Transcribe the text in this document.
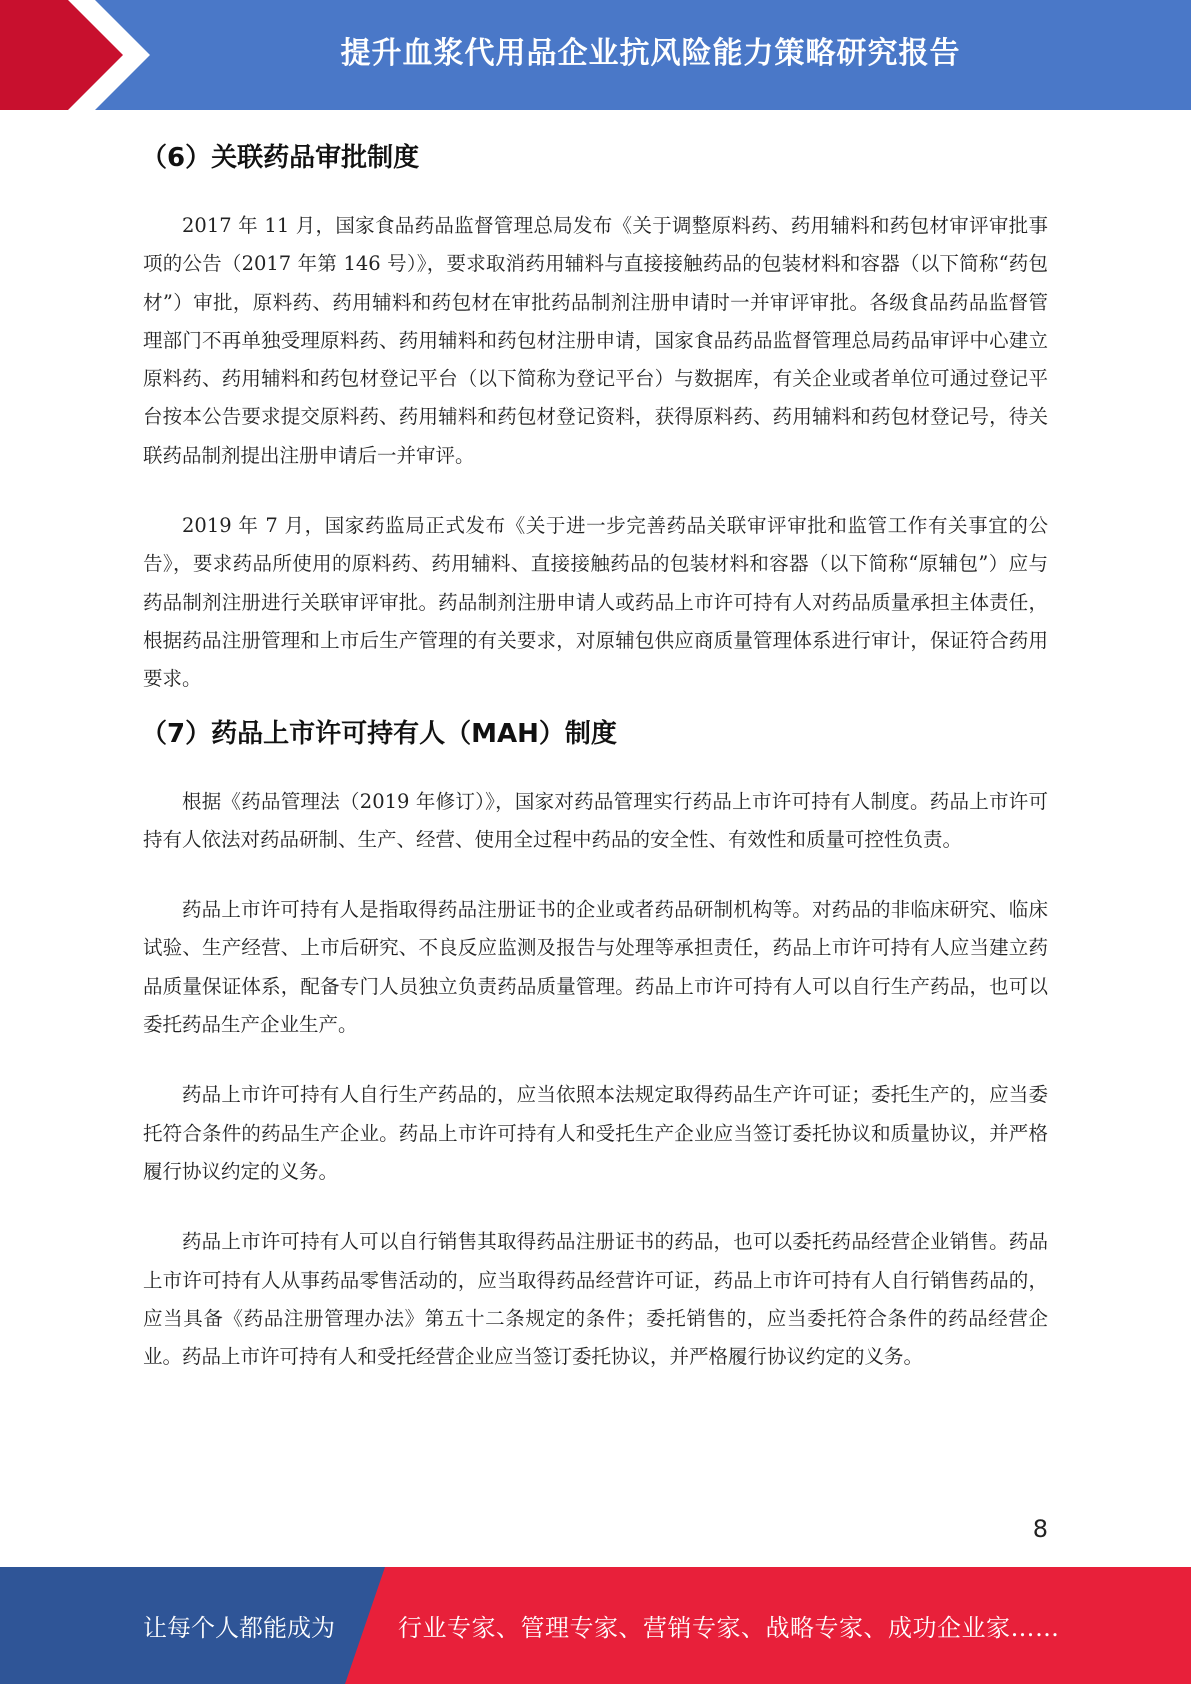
提升血浆代用品企业抗风险能力策略研究报告
（6）关联药品审批制度

2017 年 11 月，国家食品药品监督管理总局发布《关于调整原料药、药用辅料和药包材审评审批事项的公告（2017 年第 146 号）》，要求取消药用辅料与直接接触药品的包装材料和容器（以下简称“药包材”）审批，原料药、药用辅料和药包材在审批药品制剂注册申请时一并审评审批。各级食品药品监督管理部门不再单独受理原料药、药用辅料和药包材注册申请，国家食品药品监督管理总局药品审评中心建立原料药、药用辅料和药包材登记平台（以下简称为登记平台）与数据库，有关企业或者单位可通过登记平台按本公告要求提交原料药、药用辅料和药包材登记资料，获得原料药、药用辅料和药包材登记号，待关联药品制剂提出注册申请后一并审评。

2019 年 7 月，国家药监局正式发布《关于进一步完善药品关联审评审批和监管工作有关事宜的公告》，要求药品所使用的原料药、药用辅料、直接接触药品的包装材料和容器（以下简称“原辅包”）应与药品制剂注册进行关联审评审批。药品制剂注册申请人或药品上市许可持有人对药品质量承担主体责任，根据药品注册管理和上市后生产管理的有关要求，对原辅包供应商质量管理体系进行审计，保证符合药用要求。

（7）药品上市许可持有人（MAH）制度

根据《药品管理法（2019 年修订）》，国家对药品管理实行药品上市许可持有人制度。药品上市许可持有人依法对药品研制、生产、经营、使用全过程中药品的安全性、有效性和质量可控性负责。

药品上市许可持有人是指取得药品注册证书的企业或者药品研制机构等。对药品的非临床研究、临床试验、生产经营、上市后研究、不良反应监测及报告与处理等承担责任，药品上市许可持有人应当建立药品质量保证体系，配备专门人员独立负责药品质量管理。药品上市许可持有人可以自行生产药品，也可以委托药品生产企业生产。

药品上市许可持有人自行生产药品的，应当依照本法规定取得药品生产许可证；委托生产的，应当委托符合条件的药品生产企业。药品上市许可持有人和受托生产企业应当签订委托协议和质量协议，并严格履行协议约定的义务。

药品上市许可持有人可以自行销售其取得药品注册证书的药品，也可以委托药品经营企业销售。药品上市许可持有人从事药品零售活动的，应当取得药品经营许可证，药品上市许可持有人自行销售药品的，应当具备《药品注册管理办法》第五十二条规定的条件；委托销售的，应当委托符合条件的药品经营企业。药品上市许可持有人和受托经营企业应当签订委托协议，并严格履行协议约定的义务。

8
让每个人都能成为	行业专家、管理专家、营销专家、战略专家、成功企业家……
